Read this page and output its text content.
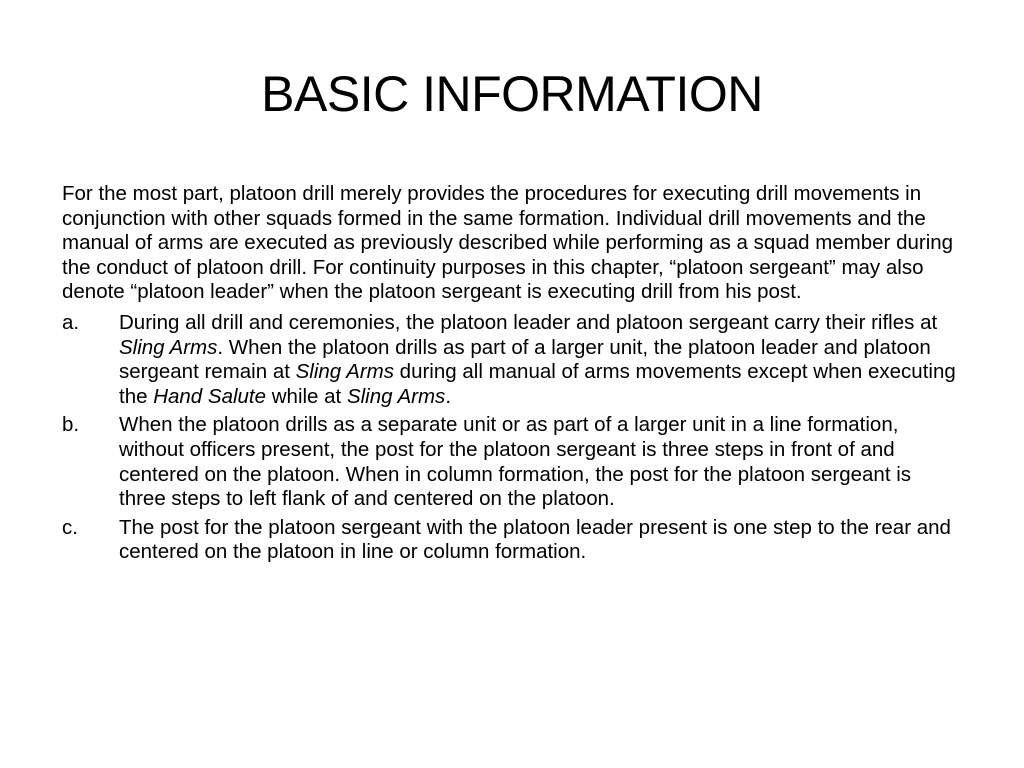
BASIC INFORMATION

For the most part, platoon drill merely provides the procedures for executing drill movements in conjunction with other squads formed in the same formation. Individual drill movements and the manual of arms are executed as previously described while performing as a squad member during the conduct of platoon drill. For continuity purposes in this chapter, “platoon sergeant” may also denote “platoon leader” when the platoon sergeant is executing drill from his post.

a.	During all drill and ceremonies, the platoon leader and platoon sergeant carry their rifles at Sling Arms. When the platoon drills as part of a larger unit, the platoon leader and platoon sergeant remain at Sling Arms during all manual of arms movements except when executing the Hand Salute while at Sling Arms.
b.	When the platoon drills as a separate unit or as part of a larger unit in a line formation, without officers present, the post for the platoon sergeant is three steps in front of and centered on the platoon. When in column formation, the post for the platoon sergeant is three steps to left flank of and centered on the platoon.
c.	The post for the platoon sergeant with the platoon leader present is one step to the rear and centered on the platoon in line or column formation.
